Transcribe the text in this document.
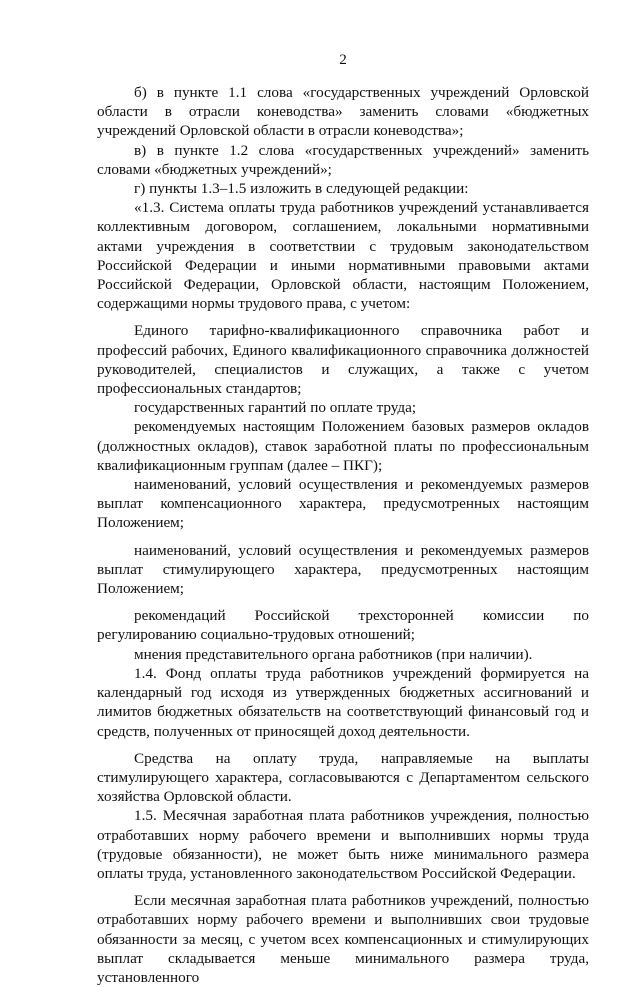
2

б) в пункте 1.1 слова «государственных учреждений Орловской области в отрасли коневодства» заменить словами «бюджетных учреждений Орловской области в отрасли коневодства»;

в) в пункте 1.2 слова «государственных учреждений» заменить словами «бюджетных учреждений»;

г) пункты 1.3–1.5 изложить в следующей редакции:

«1.3. Система оплаты труда работников учреждений устанавливается коллективным договором, соглашением, локальными нормативными актами учреждения в соответствии с трудовым законодательством Российской Федерации и иными нормативными правовыми актами Российской Федерации, Орловской области, настоящим Положением, содержащими нормы трудового права, с учетом:

Единого тарифно-квалификационного справочника работ и профессий рабочих, Единого квалификационного справочника должностей руководителей, специалистов и служащих, а также с учетом профессиональных стандартов;

государственных гарантий по оплате труда;

рекомендуемых настоящим Положением базовых размеров окладов (должностных окладов), ставок заработной платы по профессиональным квалификационным группам (далее – ПКГ);

наименований, условий осуществления и рекомендуемых размеров выплат компенсационного характера, предусмотренных настоящим Положением;

наименований, условий осуществления и рекомендуемых размеров выплат стимулирующего характера, предусмотренных настоящим Положением;

рекомендаций Российской трехсторонней комиссии по регулированию социально-трудовых отношений;

мнения представительного органа работников (при наличии).

1.4. Фонд оплаты труда работников учреждений формируется на календарный год исходя из утвержденных бюджетных ассигнований и лимитов бюджетных обязательств на соответствующий финансовый год и средств, полученных от приносящей доход деятельности.

Средства на оплату труда, направляемые на выплаты стимулирующего характера, согласовываются с Департаментом сельского хозяйства Орловской области.

1.5. Месячная заработная плата работников учреждения, полностью отработавших норму рабочего времени и выполнивших нормы труда (трудовые обязанности), не может быть ниже минимального размера оплаты труда, установленного законодательством Российской Федерации.

Если месячная заработная плата работников учреждений, полностью отработавших норму рабочего времени и выполнивших свои трудовые обязанности за месяц, с учетом всех компенсационных и стимулирующих выплат складывается меньше минимального размера труда, установленного
